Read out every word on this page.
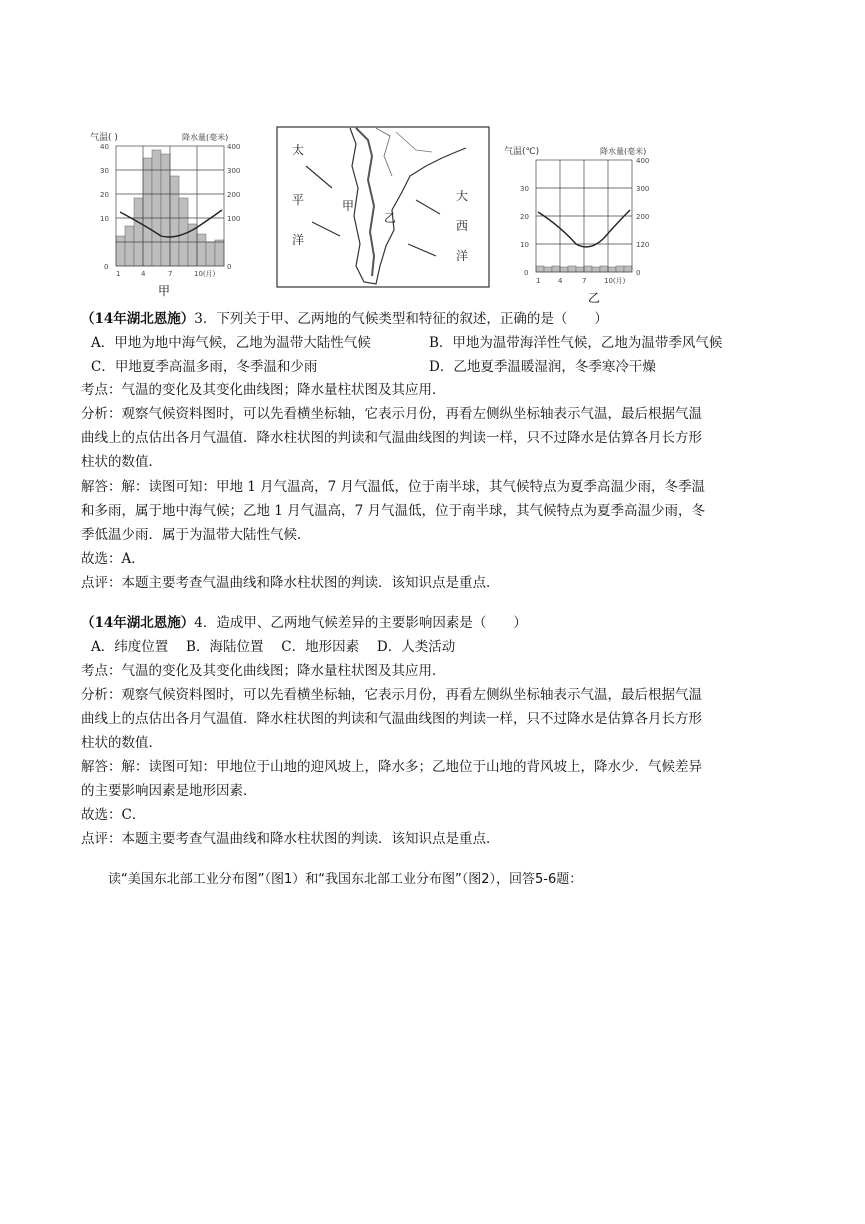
气温( )	降水量(毫米)
40
30
20
10
0
400
300
200
100
0
1	4	7	10(月)
甲
太
平
洋
大
西
洋
甲
乙
气温(℃)	降水量(毫米)
30
20
10
0
400
300
200
120
0
1	4	7	10(月)
乙
（14年湖北恩施）3．下列关于甲、乙两地的气候类型和特征的叙述，正确的是（　　）
A．甲地为地中海气候，乙地为温带大陆性气候	B．甲地为温带海洋性气候，乙地为温带季风气候
C．甲地夏季高温多雨，冬季温和少雨	D．乙地夏季温暖湿润，冬季寒冷干燥
考点：气温的变化及其变化曲线图；降水量柱状图及其应用．
分析：观察气候资料图时，可以先看横坐标轴，它表示月份，再看左侧纵坐标轴表示气温，最后根据气温
曲线上的点估出各月气温值．降水柱状图的判读和气温曲线图的判读一样，只不过降水是估算各月长方形
柱状的数值．
解答：解：读图可知：甲地 1 月气温高，7 月气温低，位于南半球，其气候特点为夏季高温少雨，冬季温
和多雨，属于地中海气候；乙地 1 月气温高，7 月气温低，位于南半球，其气候特点为夏季高温少雨，冬
季低温少雨．属于为温带大陆性气候．
故选：A．
点评：本题主要考查气温曲线和降水柱状图的判读．该知识点是重点．
（14年湖北恩施）4．造成甲、乙两地气候差异的主要影响因素是（　　）
A．纬度位置　 B．海陆位置　 C．地形因素　 D．人类活动
考点：气温的变化及其变化曲线图；降水量柱状图及其应用．
分析：观察气候资料图时，可以先看横坐标轴，它表示月份，再看左侧纵坐标轴表示气温，最后根据气温
曲线上的点估出各月气温值．降水柱状图的判读和气温曲线图的判读一样，只不过降水是估算各月长方形
柱状的数值．
解答：解：读图可知：甲地位于山地的迎风坡上，降水多；乙地位于山地的背风坡上，降水少．气候差异
的主要影响因素是地形因素．
故选：C．
点评：本题主要考查气温曲线和降水柱状图的判读．该知识点是重点．
读“美国东北部工业分布图”（图1）和“我国东北部工业分布图”（图2），回答5-6题：
